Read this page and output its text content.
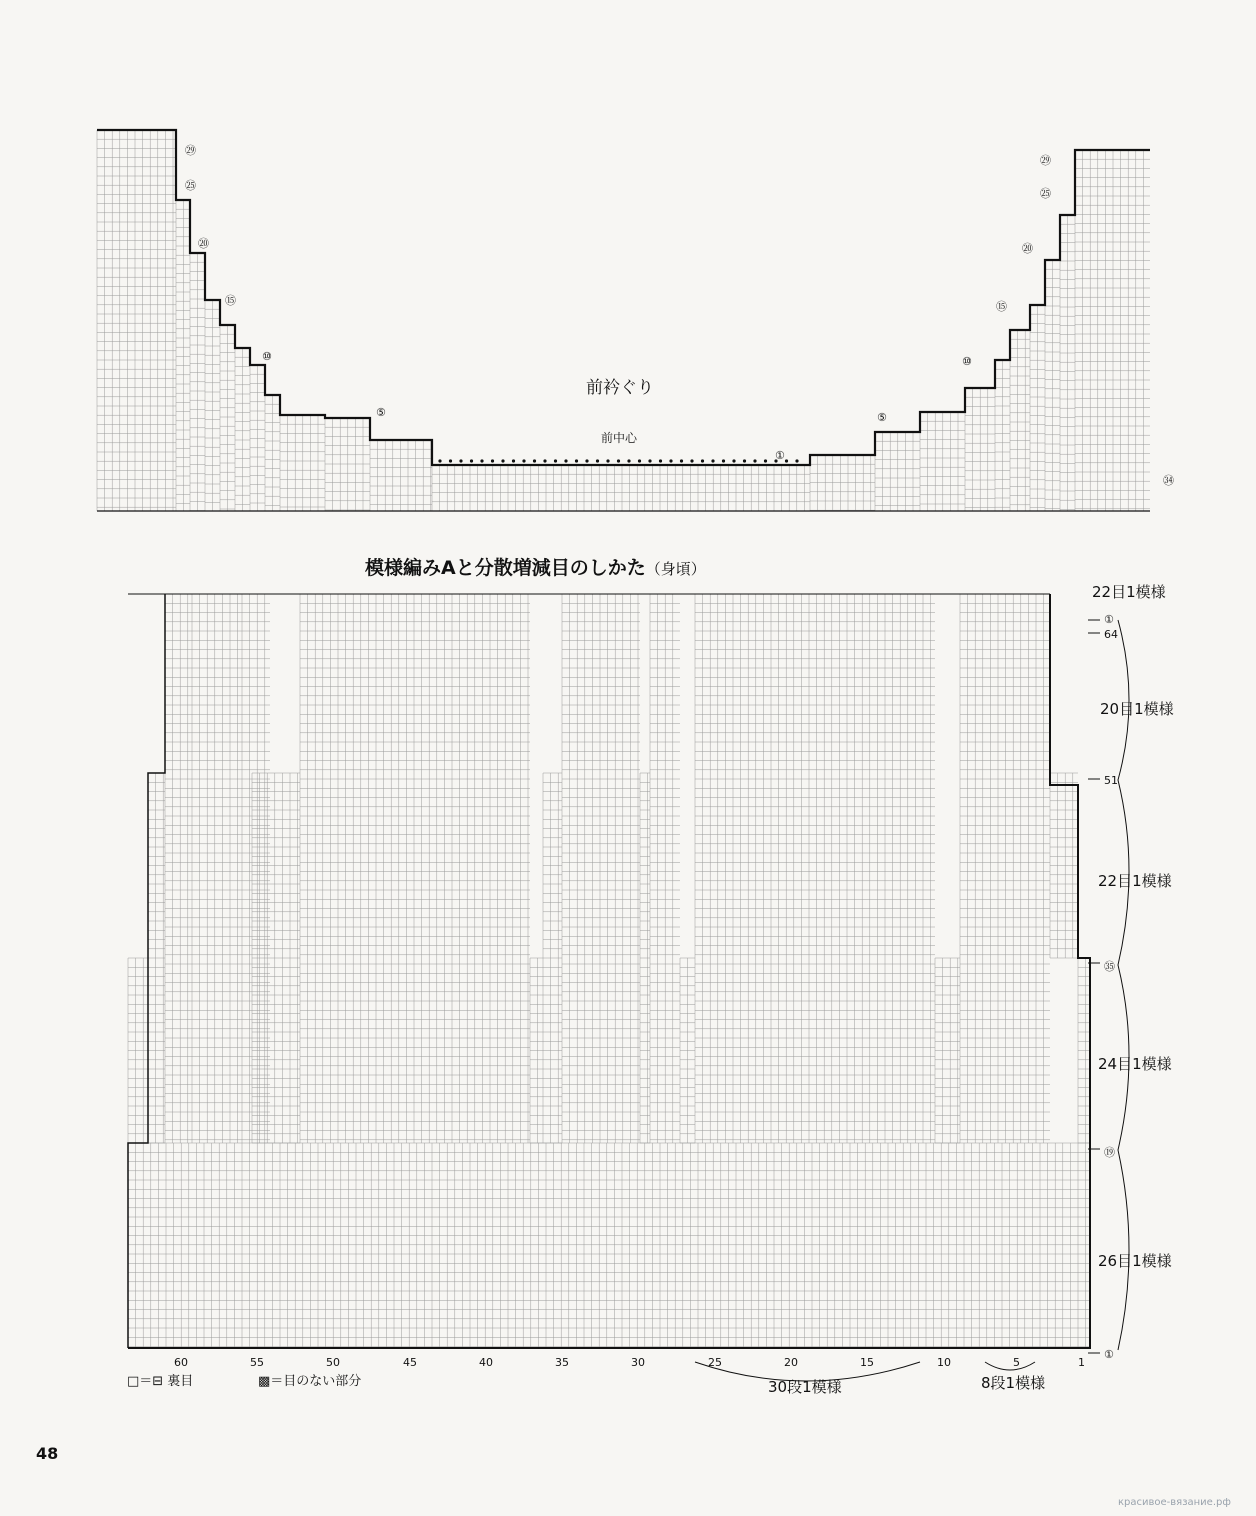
前衿ぐり
前中心
㉙
㉕
⑳
⑮
⑩
⑤
㉙
㉕
⑳
⑮
⑩
⑤
①
㉞
模様編みAと分散増減目のしかた（身頃）
①
64
51
㉟
⑲
①
22目1模様
20目1模様
22目1模様
24目1模様
26目1模様
60	55	50	45	40	35	30	25	20	15	10	5	1
30段1模様	8段1模様
□＝⊟ 裏目	▩＝目のない部分
48
красивое-вязание.рф
